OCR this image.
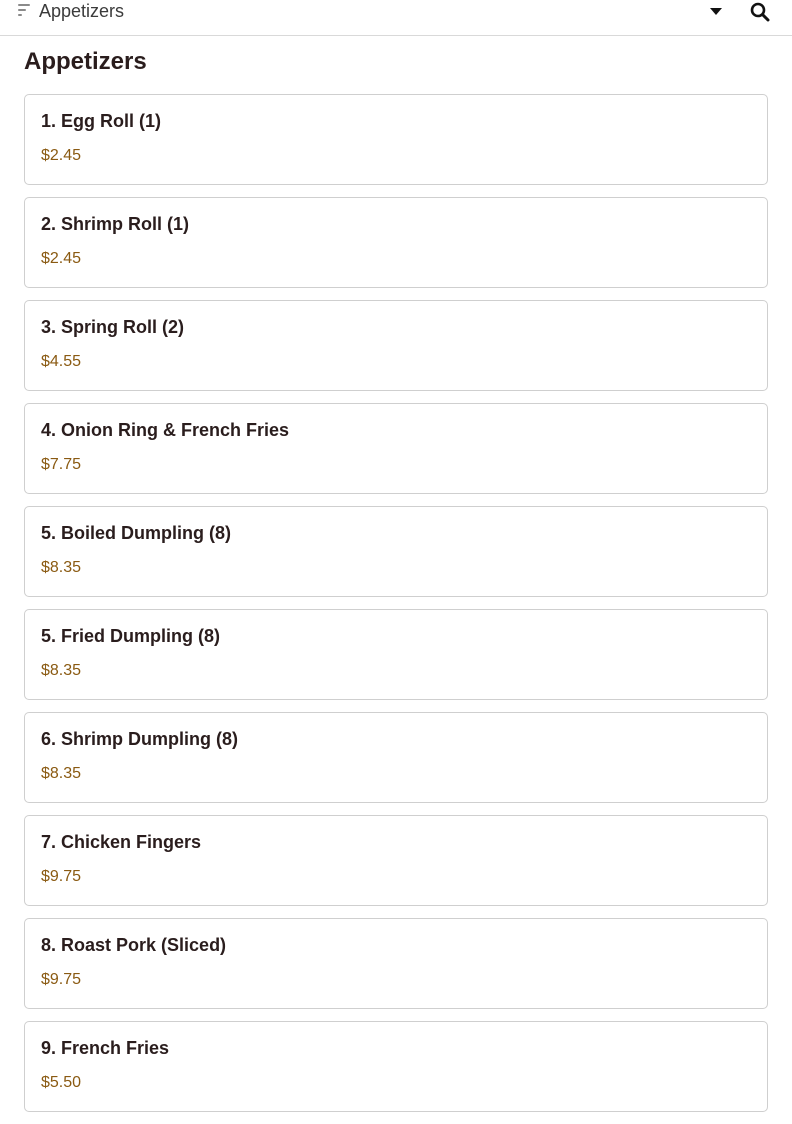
Appetizers
Appetizers
1. Egg Roll (1)
$2.45
2. Shrimp Roll (1)
$2.45
3. Spring Roll (2)
$4.55
4. Onion Ring & French Fries
$7.75
5. Boiled Dumpling (8)
$8.35
5. Fried Dumpling (8)
$8.35
6. Shrimp Dumpling (8)
$8.35
7. Chicken Fingers
$9.75
8. Roast Pork (Sliced)
$9.75
9. French Fries
$5.50
